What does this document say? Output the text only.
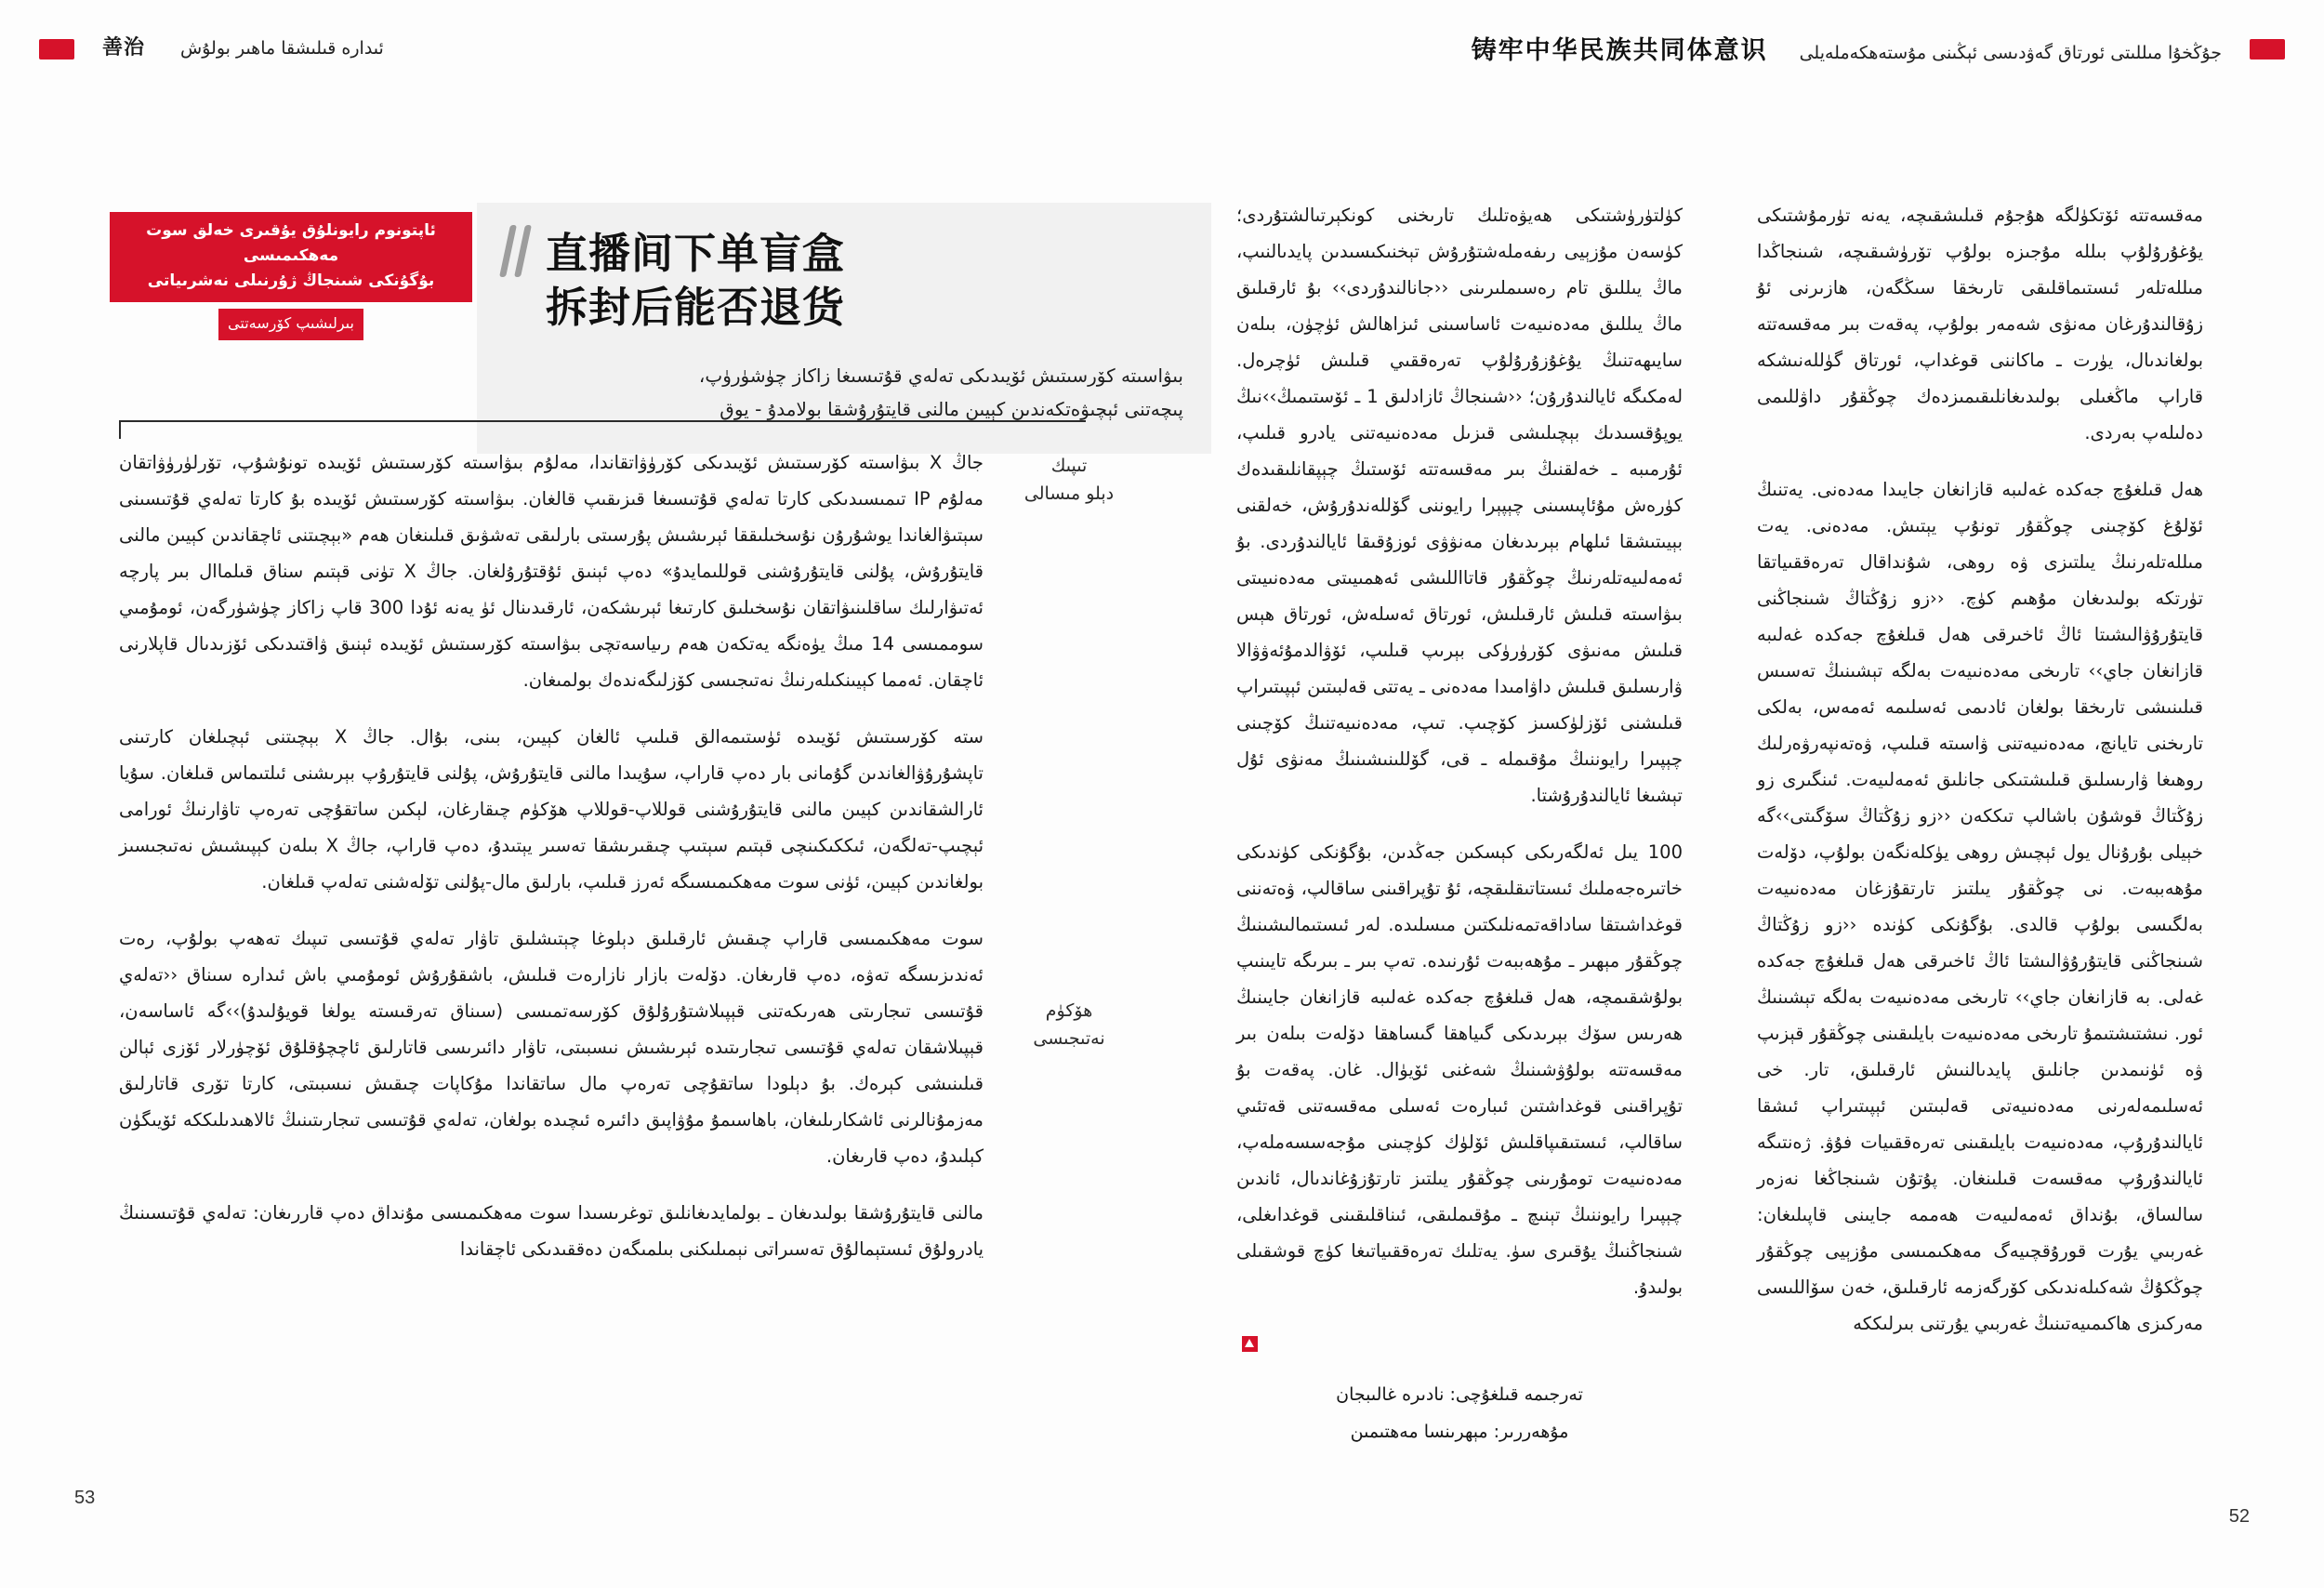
ئىدارە قىلىشقا ماھىر بولۇش
善治	جۇڭخۇا مىللىتى ئورتاق گەۋدىسى ئېڭىنى مۇستەھكەملەيلى
铸牢中华民族共同体意识
ئاپتونوم رايونلۇق يۇقىرى خەلق سوت مەھكىمىسى
بۇگۇنكى شىنجاڭ ژۇرنىلى نەشرىياتى
بىرلىشىپ كۆرسەتتى
直播间下单盲盒
拆封后能否退货
بىۋاسىتە كۆرسىتىش ئۆيىدىكى تەلەي قۇتىسىغا زاكاز چۈشۈرۈپ،
پىچەتنى ئېچىۋەتكەندىن كېيىن مالنى قايتۇرۇشقا بولامدۇ - يوق
تىپىك
دېلو مىسالى
ھۆكۈم
نەتىجىسى

جاڭ X بىۋاسىتە كۆرسىتىش ئۆيىدىكى كۆرۈۋاتقاندا، مەلۇم بىۋاسىتە كۆرسىتىش ئۆيىدە تونۇشۇپ، تۆرلۈرۈۋاتقان مەلۇم IP تىمىسىدىكى كارتا تەلەي قۇتىسىغا قىزىقىپ قالغان. بىۋاسىتە كۆرسىتىش ئۆيىدە بۇ كارتا تەلەي قۇتىسىنى سېتىۋالغاندا يوشۇرۇن نۇسخىلىققا ئېرىشىش پۇرسىتى بارلىقى تەشۋىق قىلىنغان ھەم «بېچىتنى ئاچقاندىن كېيىن مالنى قايتۇرۇش، پۇلنى قايتۇرۇشنى قوللىمايدۇ» دەپ ئېنىق ئۇقتۇرۇلغان. جاڭ X تۈنى قېتىم سناق قىلماال بىر پارچە ئەتىۋارلىك ساقلىنىۋاتقان نۇسخىلىق كارتىغا ئېرىشكەن، ئارقىدىنال ئۈ يەنە ئۇدا 300 قاپ زاكاز چۈشۈرگەن، ئومۇمىي سوممىسى 14 مىڭ يۈەنگە يەتكەن ھەم رىياسەتچى بىۋاسىتە كۆرسىتىش ئۆيىدە ئېنىق ۋاقتىدىكى ئۆزىدىال قاپلارنى ئاچقان. ئەمما كېيىنكىلەرنىڭ نەتىجىسى كۆزلىگەندەك بولمىغان.

ستە كۆرسىتىش ئۆيىدە ئۈستىمەالق قىلىپ ئالغان كېيىن، بىنى، بۇال. جاڭ X بېچىتنى ئېچىلغان كارتىنى تاپشۇرۇۋالغاندىن گۇمانى بار دەپ قاراپ، سۇيىدا مالنى قايتۇرۇش، پۇلنى قايتۇرۇپ بېرىشنى ئىلتىماس قىلغان. سۇيا ئارالشقاندىن كېيىن مالنى قايتۇرۇشنى قوللاپ-قوللاپ ھۆكۈم چىقارغان، لېكىن ساتقۇچى تەرەپ تاۋارنىڭ ئورامى ئېچىپ-تەلگەن، ئىككىكىنچى قېتىم سېتىپ چىقىرىشقا تەسىر يېتىدۇ، دەپ قاراپ، جاڭ X بىلەن كېپىشىش نەتىجىسىز بولغاندىن كېيىن، ئۈنى سوت مەھكىمىسىگە ئەرز قىلىپ، بارلىق مال-پۇلنى تۆلەشنى تەلەپ قىلغان.

سوت مەھكىمىسى قاراپ چىقىش ئارقىلىق دېلوغا چېتىشلىق تاۋار تەلەي قۇتىسى تىپىك تەھەپ بولۇپ، رەت ئەندىزىسگە تەۋە، دەپ قارىغان. دۆلەت بازار نازارەت قىلىش، باشقۇرۇش ئومۇمىي باش ئىدارە سىناق ‹‹تەلەي قۇتىسى تىجارىتى ھەرىكەتنى قېپىلاشتۇرۇلۇق كۆرسەتمىسى (سىناق تەرقىستە يولغا قويۇلىدۇ)››گە ئاساسەن، قېپىلاشقان تەلەي قۇتىسى تىجارىتىدە ئېرىشىش نىسبىتى، تاۋار دائىرىسى قاتارلىق ئاچچۇقلۇق ئۆچۈرلار ئۆزى ئېالن قىلىنىشى كېرەك. بۇ دېلودا ساتقۇچى تەرەپ مال ساتقاندا مۇكاپات چىقىش نىسبىتى، كارتا تۆرى قاتارلىق مەزمۇنالرنى ئاشكارىلىغان، باھاسىمۇ مۇۋاپىق دائىرە ئىچىدە بولغان، تەلەي قۇتىسى تىجارىتىنىڭ ئالاھىدىلىككە ئۆيىگۈن كېلىدۇ، دەپ قارىغان.

مالنى قايتۇرۇشقا بولىدىغان ـ بولمايدىغانلىق توغرىسىدا سوت مەھكىمىسى مۇنداق دەپ قاررىغان: تەلەي قۇتىسىنىڭ يادرولۇق ئىستېمالۇق تەسىراتى نېمىلىكنى بىلمىگەن دەققىدىكى ئاچقاندا

كۈلتۈرۈشتىكى ھەيۋەتلىك تارىخنى كونكېرتىالشتۇردى؛ كۈسەن مۇزېيى رىفەملەشتۇرۇش تېخنىكىسىدىن پايدىالنىپ، ماڭ يىللىق تام رەسىملىرىنى ‹‹جانالندۇردى›› بۇ ئارقىلىق ماڭ يىللىق مەدەنىيەت ئاساسىنى ئىزاھالش ئۈچۈن، بىلەن سايىھەتنىڭ يۇغۇزۇرۇلۇپ تەرەققىي قىلىش ئۈچرەل. لەمكىگە ئايالندۇرۇن؛ ‹‹شىنجاڭ ئازادلىق 1 ـ ئۆستىمىڭ››نىڭ يوپۇقسىدىك بېچىلىشى قىزىل مەدەنىيەتنى يادرو قىلىپ، ئۇرمىبە ـ خەلقنىڭ بىر مەقسەتتە ئۆستىڭ چېپقانلىقىدەك كۈرەش مۇئاپىسىنى چېپېرا رايوننى گۆللەندۇرۇش، خەلقنى بېيىتىشقا ئىلھام بېرىدىغان مەنۋۋى ئوزۇقىقا ئايالندۇردى. بۇ ئەمەلىيەتلەرنىڭ چوڭقۇر قاتااللىشى ئەھمىيىتى مەدەنىيىتى بىۋاسىتە قىلىش ئارقىلىش، ئورتاق ئەسلەش، ئورتاق ھېس قىلىش مەنىۋى كۆرۈرۈكى بېرىپ قىلىپ، ئۆۋالدمۇئەۋۋالا ۋارىسلىق قىلىش داۋامىدا مەدەنى ـ يەتتى قەلبىتىن ئېپىتىراپ قىلىشنى ئۆزلۈكسىز كۆچىپ. تىپ، مەدەنىيەتنىڭ كۆچىنى چېپىرا رايوننىڭ مۇقىملە ـ قى، گۆللىنىشىنىڭ مەنۋى ئۇل تېشىغا ئايالندۇرۇشتا.

100 يىل ئەلگەرىكى كېسكىن جەڭدىن، بۇگۇنكى كۈندىكى خاتىرەجەملىك ئىستاتىقلىقچە، ئۇ تۇپراقىنى ساقالپ، ۋەتەننى قوغداشىتقا ساداقەتمەنلىكتىن مىسلىدە. لەر ئىستىمالىشىنىڭ چوڭقۇر مېھىر ـ مۇھەببەت ئۇرنىدە. تەپ بىر ـ بىرىگە تايىنىپ بولۇشقىمچە، ھەل قىلغۇچ جەكدە غەلىبە قازانغان جايىنىڭ ھەرىس سۆك بېرىدىكى گىياھقا گىساھقا دۆلەت بىلەن بىر مەقسەتتە بولۇۋشىنىڭ شەغنى ئۆيۈال. غان. پەقەت بۇ تۇپراقىنى قوغداشتىن ئىبارەت ئەسلى مەقسەتنى قەتئىي ساقالپ، ئىستىقىپاقلىش ئۆلۈك كۈچىنى مۇجەسسەملەپ، مەدەنىيەت تومۇرىنى چوڭقۇر يىلتىز تارتۇزۇغاندىال، ئاندىن چېپىرا رايوننىڭ تېنىچ ـ مۇقىملىقى، ئىناقلىقىنى قوغداىغلى، شىنجاڭنىڭ يۇقىرى سۈ. يەتلىك تەرەققىياتىغا كۈچ قوشقىلى بولىدۇ.

مەقسەتتە ئۆتكۈلگە ھۇجۇم قىلىشقىچە، يەنە تۈرمۇشتىكى يۇغۇرۇلۇپ بىللە مۇجىزە بولۇپ تۆرۈشىقىچە، شىنجاڭدا مىللەتلەر ئىستىماقلىقى تارىخقا سىڭگەن، ھازىرنى ئۇ زۇقالندۇرغان مەنۋى شەمەر بولۇپ، پەقەت بىر مەقسەتتە بولغاندىال، يۈرت ـ ماكاننى قوغداپ، ئورتاق گۈللەنىشكە قاراپ ماڭغىلى بولىدىغانلىقىمىزدەك چوڭقۇر داۋللىمى دەلىلەپ بەردى.

ھەل قىلغۇچ جەكدە غەلىبە قازانغان جايىدا مەدەنى. يەتنىڭ ئۆلۇغ كۆچىنى چوڭقۇر تونۇپ يېتىش. مەدەنى. يەت مىللەتلەرنىڭ يىلتىزى ۋە روھى، شۇنداقال تەرەققىياتقا تۈرتكە بولىدىغان مۇھىم كۈچ. ‹‹زو زۇڭتاڭ شىنجاڭنى قايتۇرۇۋالىشىتا ئاڭ ئاخىرقى ھەل قىلغۇچ جەكدە غەلىبە قازانغان جاي›› تارىخى مەدەنىيەت بەلگە تېشىنىڭ تەسىس قىلىنىشى تارىخقا بولغان ئادىمى ئەسلىمە ئەمەس، بەلكى تارىخنى تايانچ، مەدەنىيەتنى ۋاسىتە قىلىپ، ۋەتەنپەرۋەرلىك روھىغا ۋارىسلىق قىلىشتىكى جانلىق ئەمەلىيەت. ئىنگىرى زو زۇڭتاڭ قوشۇن باشالپ تىككەن ‹‹زو زۇڭتاڭ سۆگىتى››گە خېيلى بۇرۇنال يول ئېچىش روھى يۈكلەنگەن بولۇپ، دۆلەت مۇھەببەت. نى چوڭقۇر يىلتىز تارتقۇزغان مەدەنىيەت بەلگىسى بولۇپ قالدى. بۇگۇنكى كۈندە ‹‹زو زۇڭتاڭ شىنجاڭنى قايتۇرۇۋالىشتا ئاڭ ئاخىرقى ھەل قىلغۇچ جەكدە غەلى. بە قازانغان جاي›› تارىخى مەدەنىيەت بەلگە تېشىنىڭ ئور. نىشتىشتىمۇ تارىخى مەدەنىيەت بايلىقىنى چوڭقۇر قېزىپ ۋە ئۈنىمدىن جانلىق پايدىالنىش ئارقىلىق، تار. خى ئەسلىمەلەرنى مەدەنىيەتى قەلبىتىن ئېپىتىراپ ئىشقا ئايالندۇرۇپ، مەدەنىيەت بايلىقىنى تەرەققىيات فۇۋ. ژەنتىگە ئايالندۇرۇپ مەقسەت قىلىنغان. پۇتۇن شىنجاڭغا نەزەر سالساق، بۇنداق ئەمەلىيەت ھەممە جايىنى قاپىلىغان: غەربىي يۇرت قورۇقچىيەگ مەھكىمىسى مۇزېيى چوڭقۇر چوڭكۇڭ شەكىلەندىكى كۆرگەزمە ئارقىلىق، خەن سۆاللىسى مەركىزى ھاكىمىيەتىنىڭ غەربىي يۇرتنى بىرلىككە

تەرجىمە قىلغۇچى: نادىرە غالىبجان
مۇھەررىر: مېھرىنسا مەھتىمىن
53
52
